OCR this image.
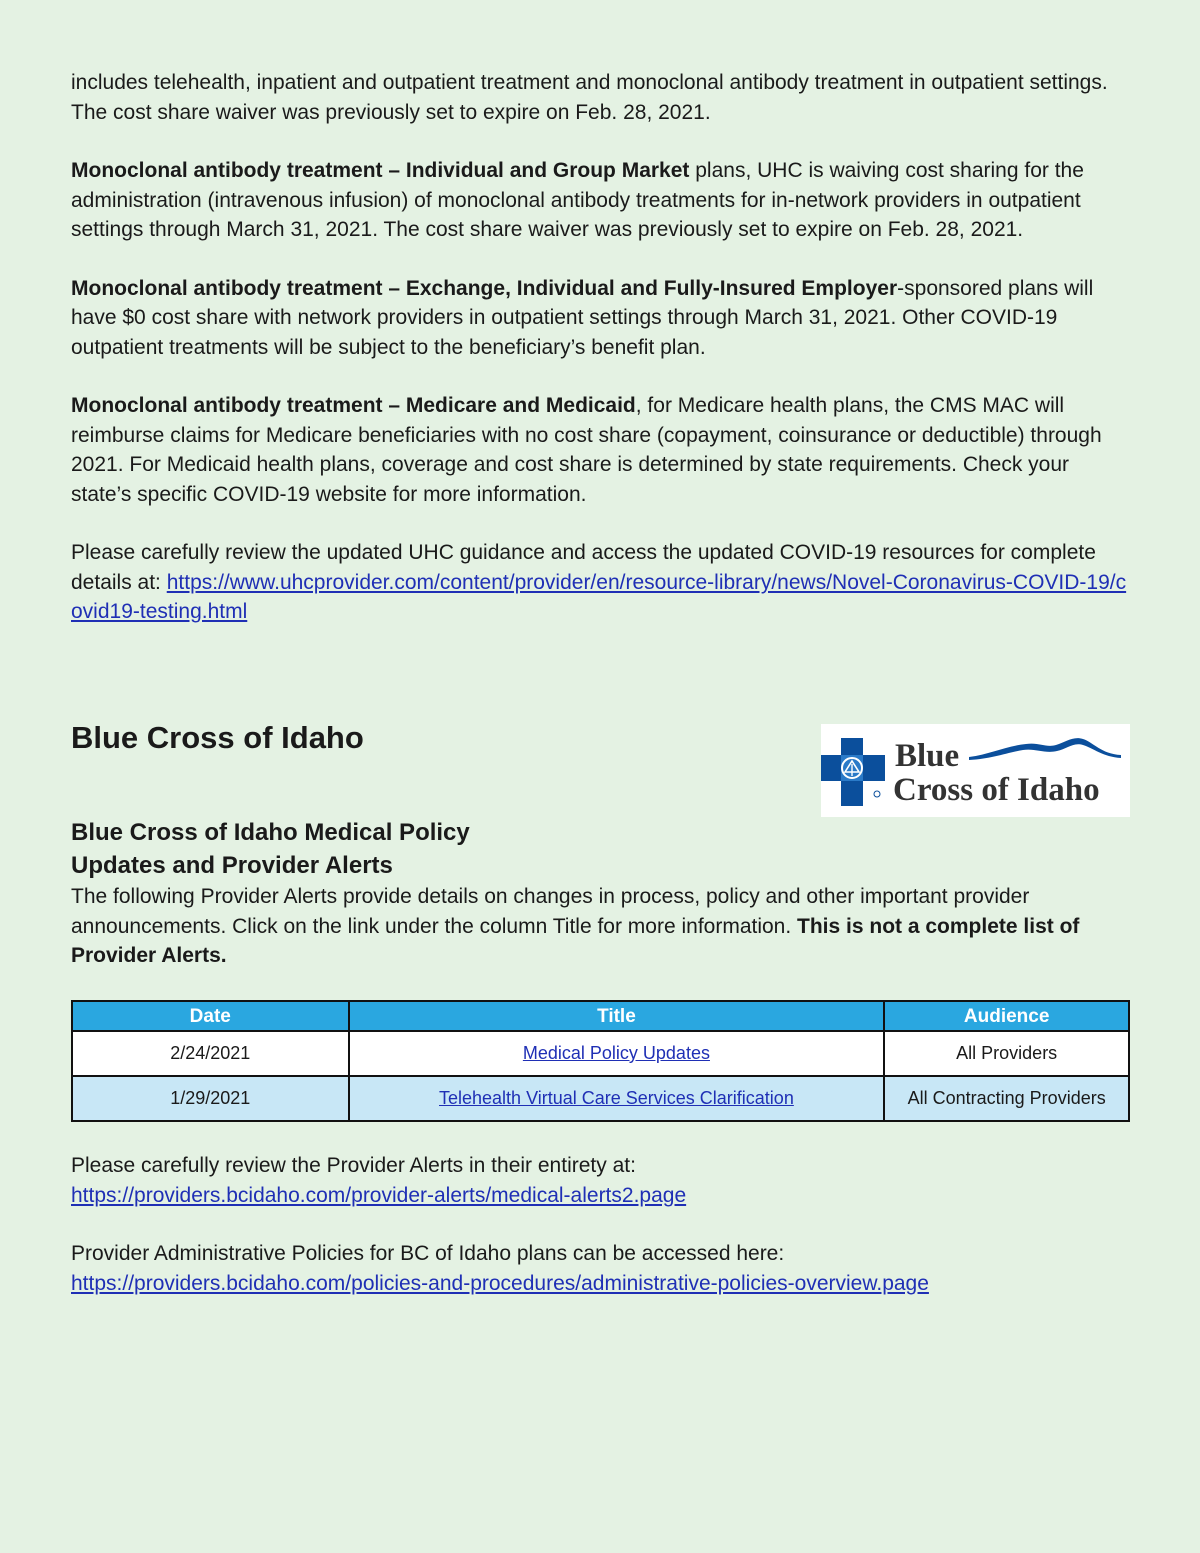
includes telehealth, inpatient and outpatient treatment and monoclonal antibody treatment in outpatient settings. The cost share waiver was previously set to expire on Feb. 28, 2021.

Monoclonal antibody treatment – Individual and Group Market plans, UHC is waiving cost sharing for the administration (intravenous infusion) of monoclonal antibody treatments for in-network providers in outpatient settings through March 31, 2021. The cost share waiver was previously set to expire on Feb. 28, 2021.

Monoclonal antibody treatment – Exchange, Individual and Fully-Insured Employer-sponsored plans will have $0 cost share with network providers in outpatient settings through March 31, 2021. Other COVID-19 outpatient treatments will be subject to the beneficiary’s benefit plan.

Monoclonal antibody treatment – Medicare and Medicaid, for Medicare health plans, the CMS MAC will reimburse claims for Medicare beneficiaries with no cost share (copayment, coinsurance or deductible) through 2021. For Medicaid health plans, coverage and cost share is determined by state requirements. Check your state’s specific COVID-19 website for more information.

Please carefully review the updated UHC guidance and access the updated COVID-19 resources for complete details at: https://www.uhcprovider.com/content/provider/en/resource-library/news/Novel-Coronavirus-COVID-19/covid19-testing.html

Blue Cross of Idaho
Blue
Cross of Idaho
Blue Cross of Idaho Medical Policy
Updates and Provider Alerts

The following Provider Alerts provide details on changes in process, policy and other important provider announcements. Click on the link under the column Title for more information. This is not a complete list of Provider Alerts.

Date	Title	Audience
2/24/2021	Medical Policy Updates	All Providers
1/29/2021	Telehealth Virtual Care Services Clarification	All Contracting Providers

Please carefully review the Provider Alerts in their entirety at:
https://providers.bcidaho.com/provider-alerts/medical-alerts2.page

Provider Administrative Policies for BC of Idaho plans can be accessed here:
https://providers.bcidaho.com/policies-and-procedures/administrative-policies-overview.page
